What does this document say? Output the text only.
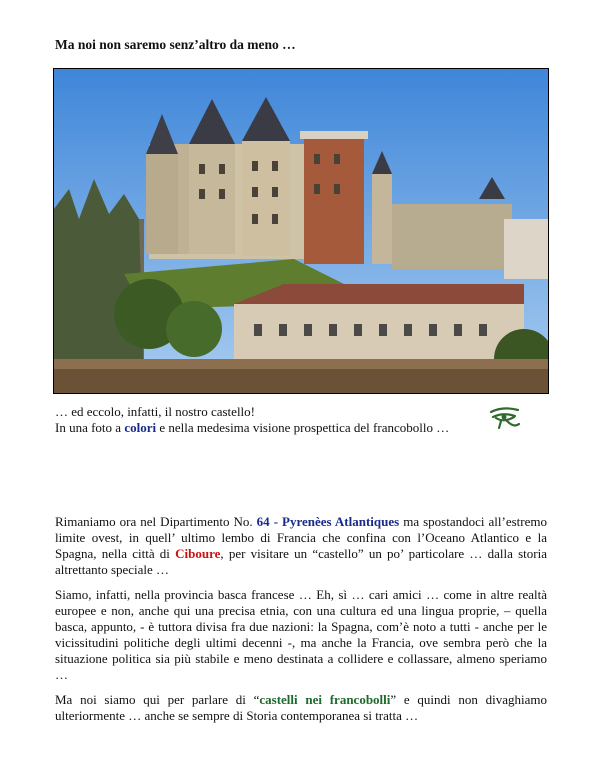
Ma noi non saremo senz’altro da meno …
… ed eccolo, infatti, il nostro castello!
In una foto a colori e nella medesima visione prospettica del francobollo …
Rimaniamo ora nel Dipartimento No. 64 - Pyrenèes Atlantiques ma spostandoci all’estremo limite ovest, in quell’ ultimo lembo di Francia che confina con l’Oceano Atlantico e la Spagna, nella città di Ciboure, per visitare un “castello” un po’ particolare … dalla storia altrettanto speciale …
Siamo, infatti, nella provincia basca francese … Eh, sì … cari amici … come in altre realtà europee e non, anche qui una precisa etnia, con una cultura ed una lingua proprie, – quella basca, appunto, - è tuttora divisa fra due nazioni: la Spagna, com’è noto a tutti - anche per le vicissitudini politiche degli ultimi decenni -, ma anche la Francia, ove sembra però che la situazione politica sia più stabile e meno destinata a collidere e collassare, almeno speriamo …
Ma noi siamo qui per parlare di “castelli nei francobolli” e quindi non divaghiamo ulteriormente … anche se sempre di Storia contemporanea si tratta …
